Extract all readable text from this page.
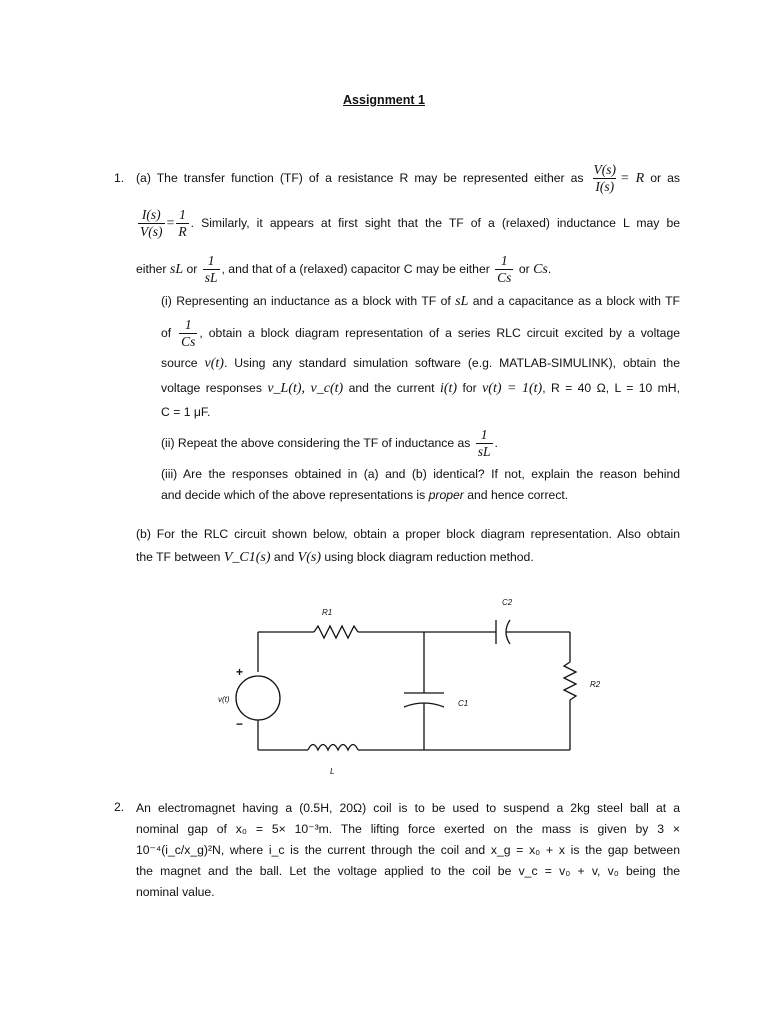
Assignment 1
1. (a) The transfer function (TF) of a resistance R may be represented either as $\frac{V(s)}{I(s)} = R$ or as
$\frac{I(s)}{V(s)} = \frac{1}{R}$ . Similarly, it appears at first sight that the TF of a (relaxed) inductance L may be
either sL or $\frac{1}{sL}$ , and that of a (relaxed) capacitor C may be either $\frac{1}{Cs}$ or Cs.
(i) Representing an inductance as a block with TF of sL and a capacitance as a block with TF
of $\frac{1}{Cs}$ , obtain a block diagram representation of a series RLC circuit excited by a voltage
source v(t). Using any standard simulation software (e.g. MATLAB-SIMULINK), obtain the
voltage responses v_L(t), v_c(t) and the current i(t) for v(t) = 1(t), R = 40 Ω, L = 10 mH,
C = 1 μF.
(ii) Repeat the above considering the TF of inductance as $\frac{1}{sL}$ .
(iii) Are the responses obtained in (a) and (b) identical? If not, explain the reason behind
and decide which of the above representations is proper and hence correct.
(b) For the RLC circuit shown below, obtain a proper block diagram representation. Also obtain
the TF between V_C1(s) and V(s) using block diagram reduction method.
R1
C2
R2
C1
L
v(t)
+
−
2. An electromagnet having a (0.5H, 20Ω) coil is to be used to suspend a 2kg steel ball at a
nominal gap of x₀ = 5× 10⁻³m. The lifting force exerted on the mass is given by 3 ×
10⁻⁴(i_c/x_g)²N, where i_c is the current through the coil and x_g = x₀ + x is the gap between
the magnet and the ball. Let the voltage applied to the coil be v_c = v₀ + v, v₀ being the
nominal value.
